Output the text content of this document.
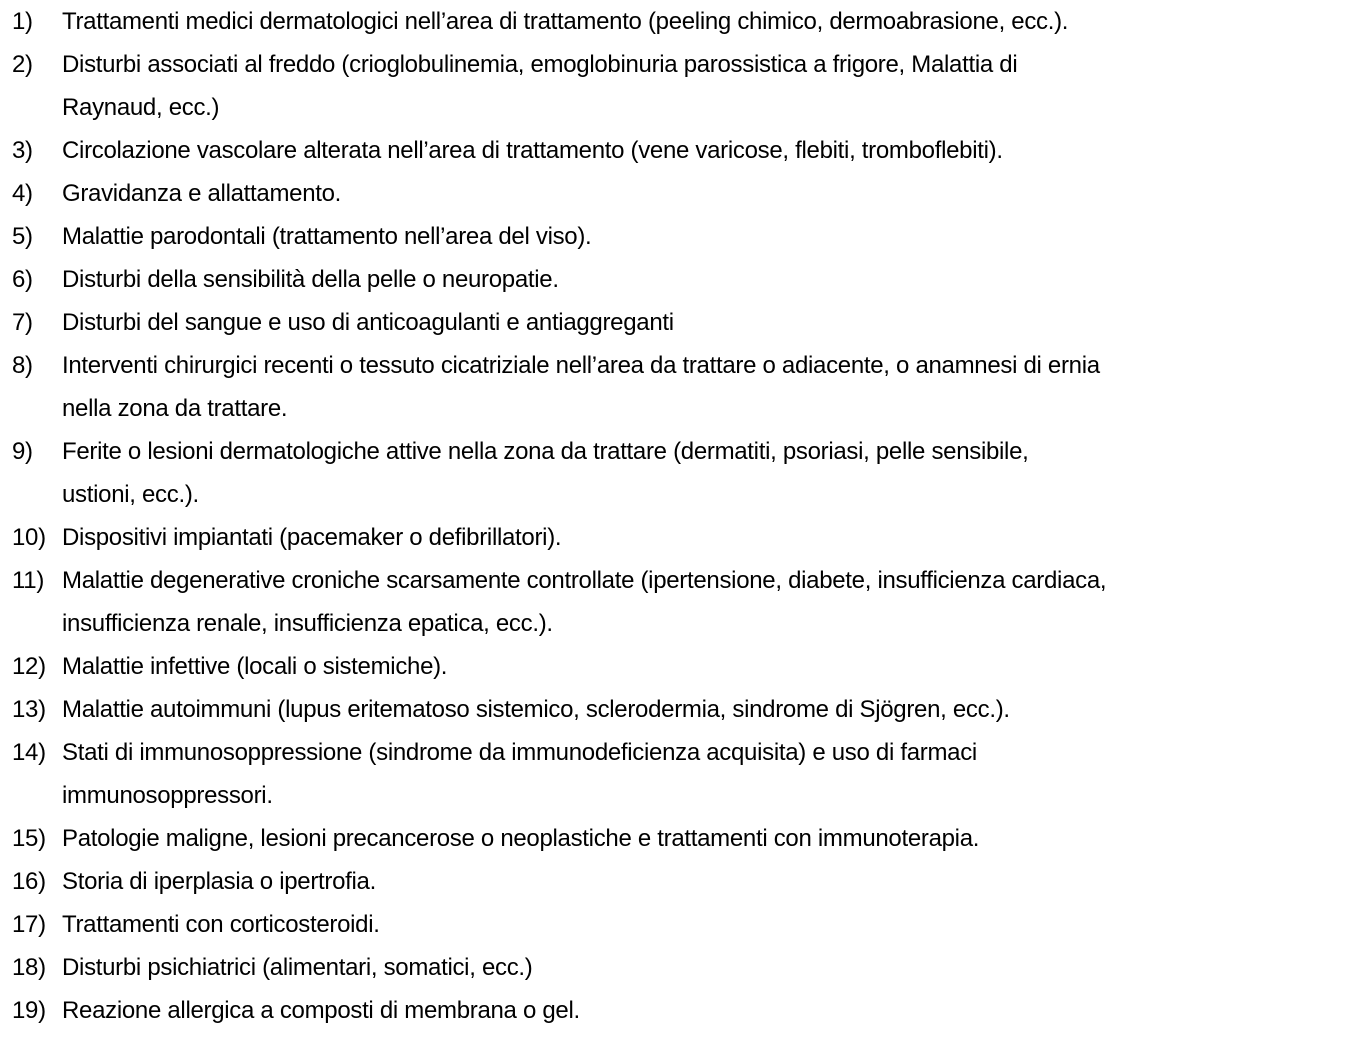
1)	Trattamenti medici dermatologici nell’area di trattamento (peeling chimico, dermoabrasione, ecc.).
2)	Disturbi associati al freddo (crioglobulinemia, emoglobinuria parossistica a frigore, Malattia di
Raynaud, ecc.)
3)	Circolazione vascolare alterata nell’area di trattamento (vene varicose, flebiti, tromboflebiti).
4)	Gravidanza e allattamento.
5)	Malattie parodontali (trattamento nell’area del viso).
6)	Disturbi della sensibilità della pelle o neuropatie.
7)	Disturbi del sangue e uso di anticoagulanti e antiaggreganti
8)	Interventi chirurgici recenti o tessuto cicatriziale nell’area da trattare o adiacente, o anamnesi di ernia
nella zona da trattare.
9)	Ferite o lesioni dermatologiche attive nella zona da trattare (dermatiti, psoriasi, pelle sensibile,
ustioni, ecc.).
10) Dispositivi impiantati (pacemaker o defibrillatori).
11) Malattie degenerative croniche scarsamente controllate (ipertensione, diabete, insufficienza cardiaca,
insufficienza renale, insufficienza epatica, ecc.).
12) Malattie infettive (locali o sistemiche).
13) Malattie autoimmuni (lupus eritematoso sistemico, sclerodermia, sindrome di Sjögren, ecc.).
14) Stati di immunosoppressione (sindrome da immunodeficienza acquisita) e uso di farmaci
immunosoppressori.
15) Patologie maligne, lesioni precancerose o neoplastiche e trattamenti con immunoterapia.
16) Storia di iperplasia o ipertrofia.
17) Trattamenti con corticosteroidi.
18) Disturbi psichiatrici (alimentari, somatici, ecc.)
19) Reazione allergica a composti di membrana o gel.
